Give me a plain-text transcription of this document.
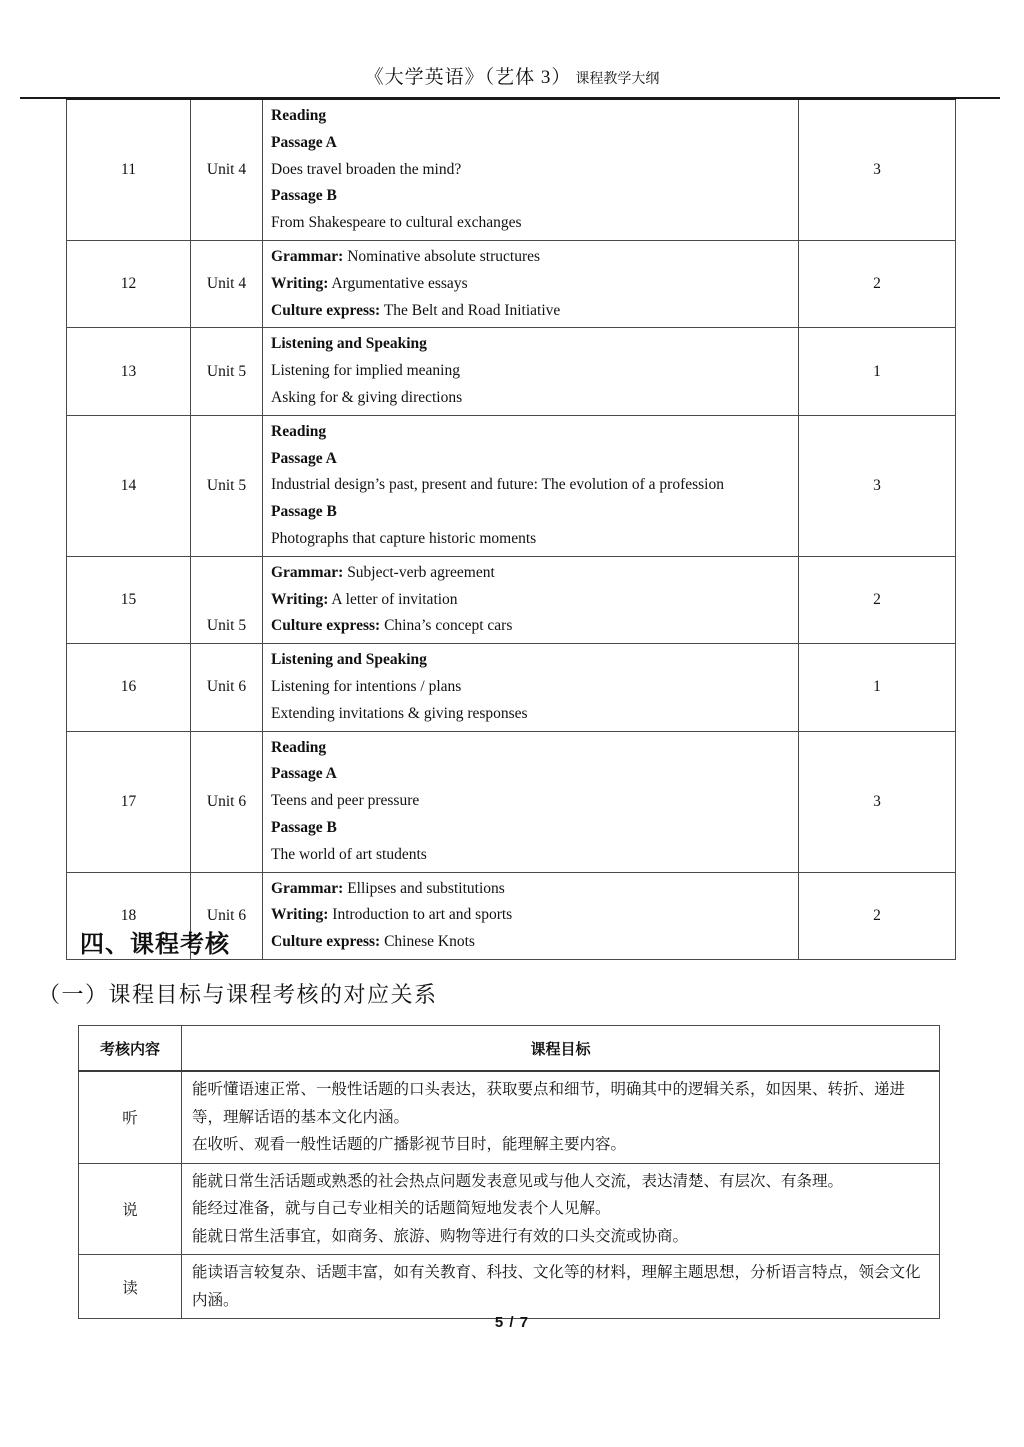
《大学英语》（艺体 3） 课程教学大纲
11	Unit 4	Reading
Passage A
Does travel broaden the mind?
Passage B
From Shakespeare to cultural exchanges	3
12	Unit 4	Grammar: Nominative absolute structures
Writing: Argumentative essays
Culture express: The Belt and Road Initiative	2
13	Unit 5	Listening and Speaking
Listening for implied meaning
Asking for & giving directions	1
14	Unit 5	Reading
Passage A
Industrial design’s past, present and future: The evolution of a profession
Passage B
Photographs that capture historic moments	3
15	Unit 5	Grammar: Subject-verb agreement
Writing: A letter of invitation
Culture express: China’s concept cars	2
16	Unit 6	Listening and Speaking
Listening for intentions / plans
Extending invitations & giving responses	1
17	Unit 6	Reading
Passage A
Teens and peer pressure
Passage B
The world of art students	3
18	Unit 6	Grammar: Ellipses and substitutions
Writing: Introduction to art and sports
Culture express: Chinese Knots	2
四、课程考核
（一）课程目标与课程考核的对应关系
考核内容	课程目标
听	能听懂语速正常、一般性话题的口头表达，获取要点和细节，明确其中的逻辑关系，如因果、转折、递进等，理解话语的基本文化内涵。
在收听、观看一般性话题的广播影视节目时，能理解主要内容。

说	能就日常生活话题或熟悉的社会热点问题发表意见或与他人交流，表达清楚、有层次、有条理。
能经过准备，就与自己专业相关的话题简短地发表个人见解。
能就日常生活事宜，如商务、旅游、购物等进行有效的口头交流或协商。

读	能读语言较复杂、话题丰富，如有关教育、科技、文化等的材料，理解主题思想，分析语言特点，领会文化内涵。
5 / 7
